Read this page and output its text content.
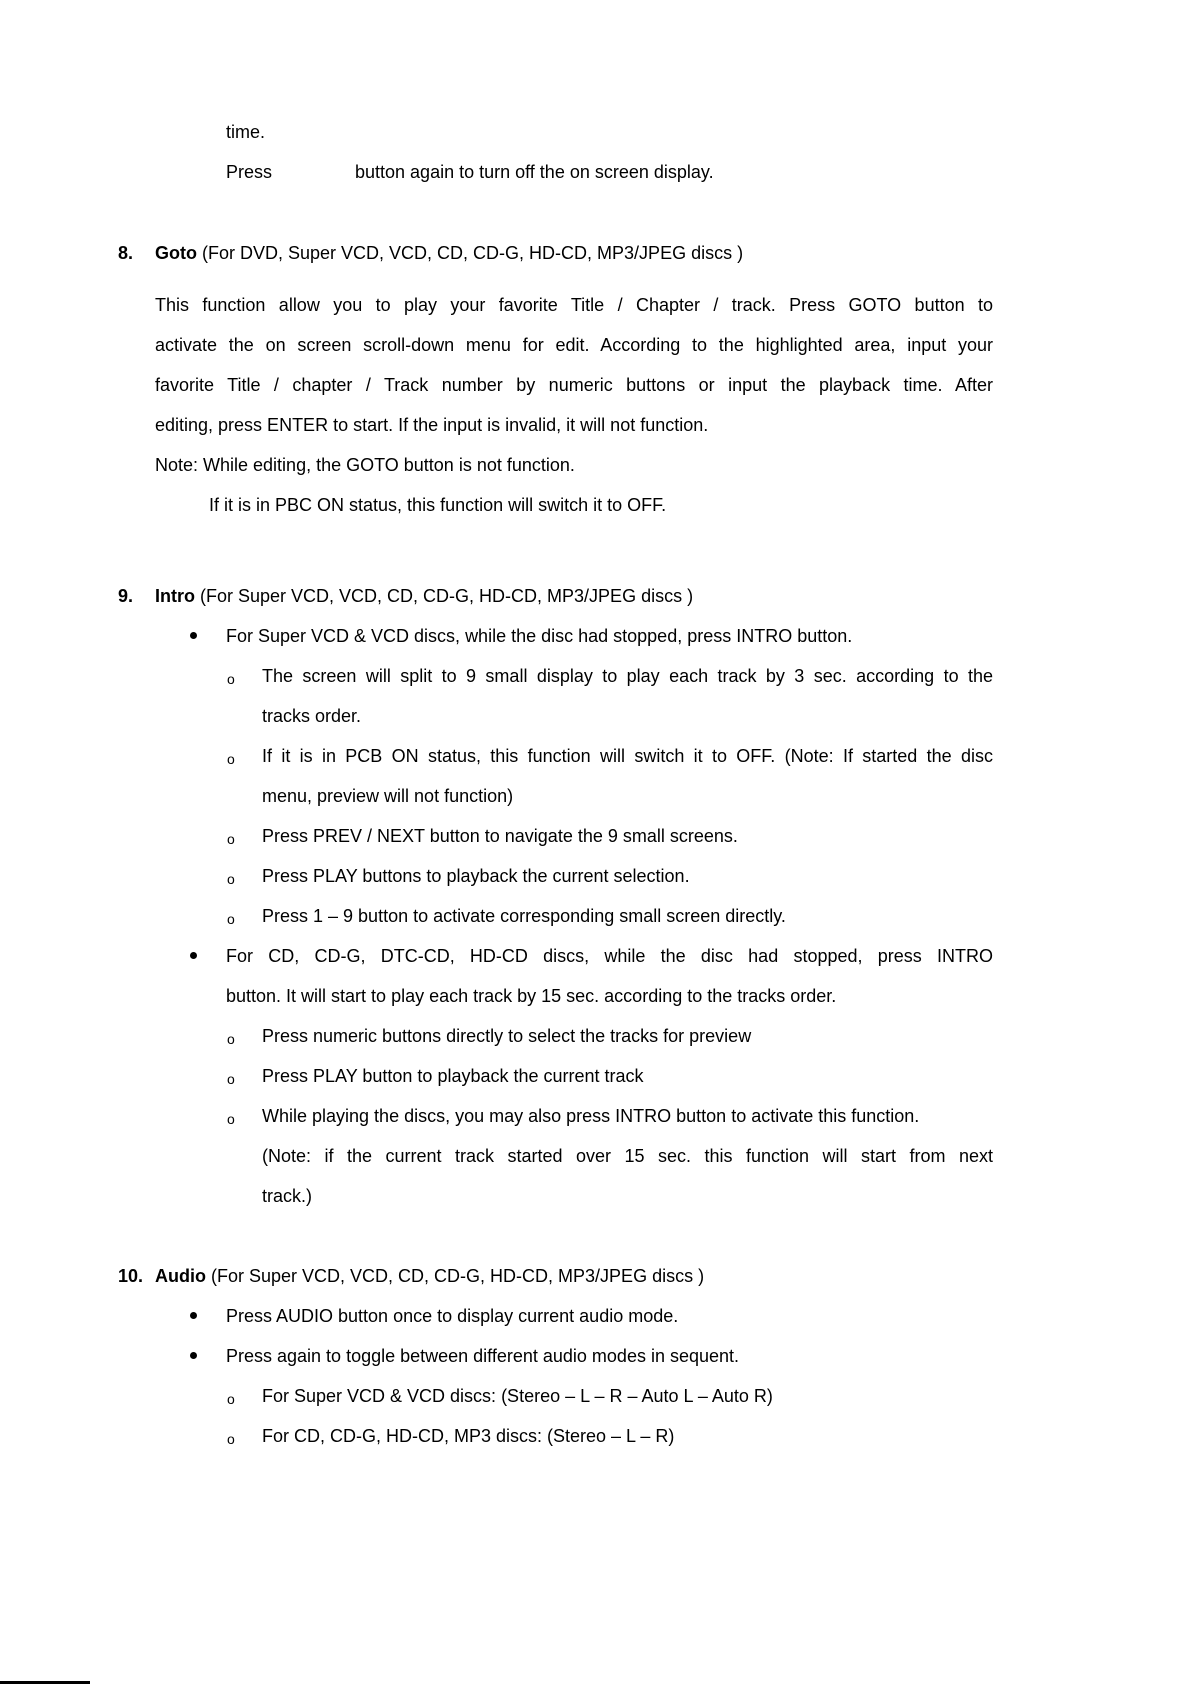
time.
Press	button again to turn off the on screen display.
8. Goto (For DVD, Super VCD, VCD, CD, CD-G, HD-CD, MP3/JPEG discs )
This function allow you to play your favorite Title / Chapter / track. Press GOTO button to
activate the on screen scroll-down menu for edit. According to the highlighted area, input your
favorite Title / chapter / Track number by numeric buttons or input the playback time. After
editing, press ENTER to start. If the input is invalid, it will not function.
Note: While editing, the GOTO button is not function.
If it is in PBC ON status, this function will switch it to OFF.
9. Intro (For Super VCD, VCD, CD, CD-G, HD-CD, MP3/JPEG discs )
For Super VCD & VCD discs, while the disc had stopped, press INTRO button.
o The screen will split to 9 small display to play each track by 3 sec. according to the
tracks order.
o If it is in PCB ON status, this function will switch it to OFF. (Note: If started the disc
menu, preview will not function)
o Press PREV / NEXT button to navigate the 9 small screens.
o Press PLAY buttons to playback the current selection.
o Press 1 – 9 button to activate corresponding small screen directly.
For CD, CD-G, DTC-CD, HD-CD discs, while the disc had stopped, press INTRO
button. It will start to play each track by 15 sec. according to the tracks order.
o Press numeric buttons directly to select the tracks for preview
o Press PLAY button to playback the current track
o While playing the discs, you may also press INTRO button to activate this function.
(Note: if the current track started over 15 sec. this function will start from next
track.)
10. Audio (For Super VCD, VCD, CD, CD-G, HD-CD, MP3/JPEG discs )
Press AUDIO button once to display current audio mode.
Press again to toggle between different audio modes in sequent.
o For Super VCD & VCD discs: (Stereo – L – R – Auto L – Auto R)
o For CD, CD-G, HD-CD, MP3 discs: (Stereo – L – R)
